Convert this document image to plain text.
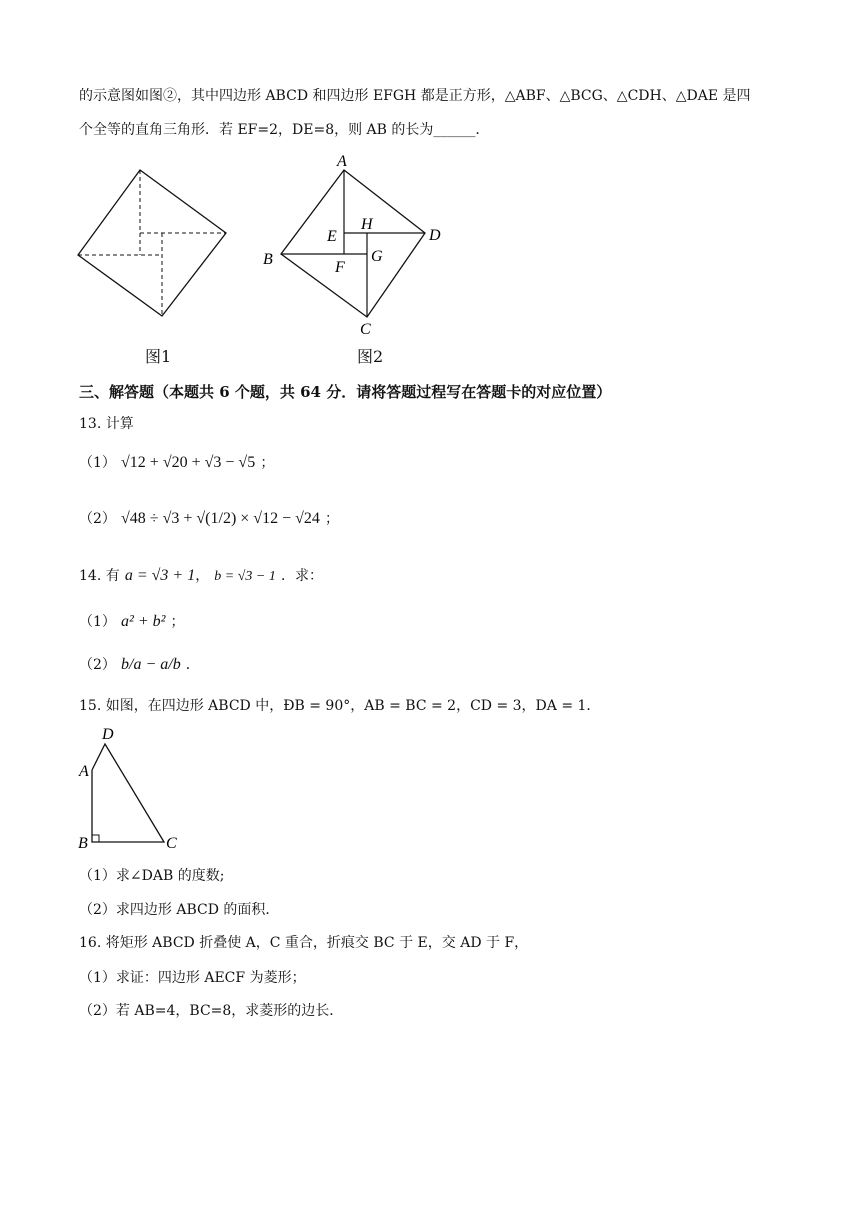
的示意图如图②，其中四边形 ABCD 和四边形 EFGH 都是正方形，△ABF、△BCG、△CDH、△DAE 是四
个全等的直角三角形．若 EF=2，DE=8，则 AB 的长为______．
A
B
C
D
E
F
G
H
图1	图2
三、解答题（本题共 6 个题，共 64 分．请将答题过程写在答题卡的对应位置）
13. 计算
（1） √12 + √20 + √3 − √5 ；
（2） √48 ÷ √3 + √(1/2) × √12 − √24 ；
14. 有 a = √3 + 1， b = √3 − 1 ．求：
（1） a² + b² ；
（2） b/a − a/b ．
15. 如图，在四边形 ABCD 中，ÐB = 90°，AB = BC = 2，CD = 3，DA = 1．
D
A
B	C
（1）求∠DAB 的度数;
（2）求四边形 ABCD 的面积．
16. 将矩形 ABCD 折叠使 A，C 重合，折痕交 BC 于 E，交 AD 于 F，
（1）求证：四边形 AECF 为菱形；
（2）若 AB=4，BC=8，求菱形的边长．
